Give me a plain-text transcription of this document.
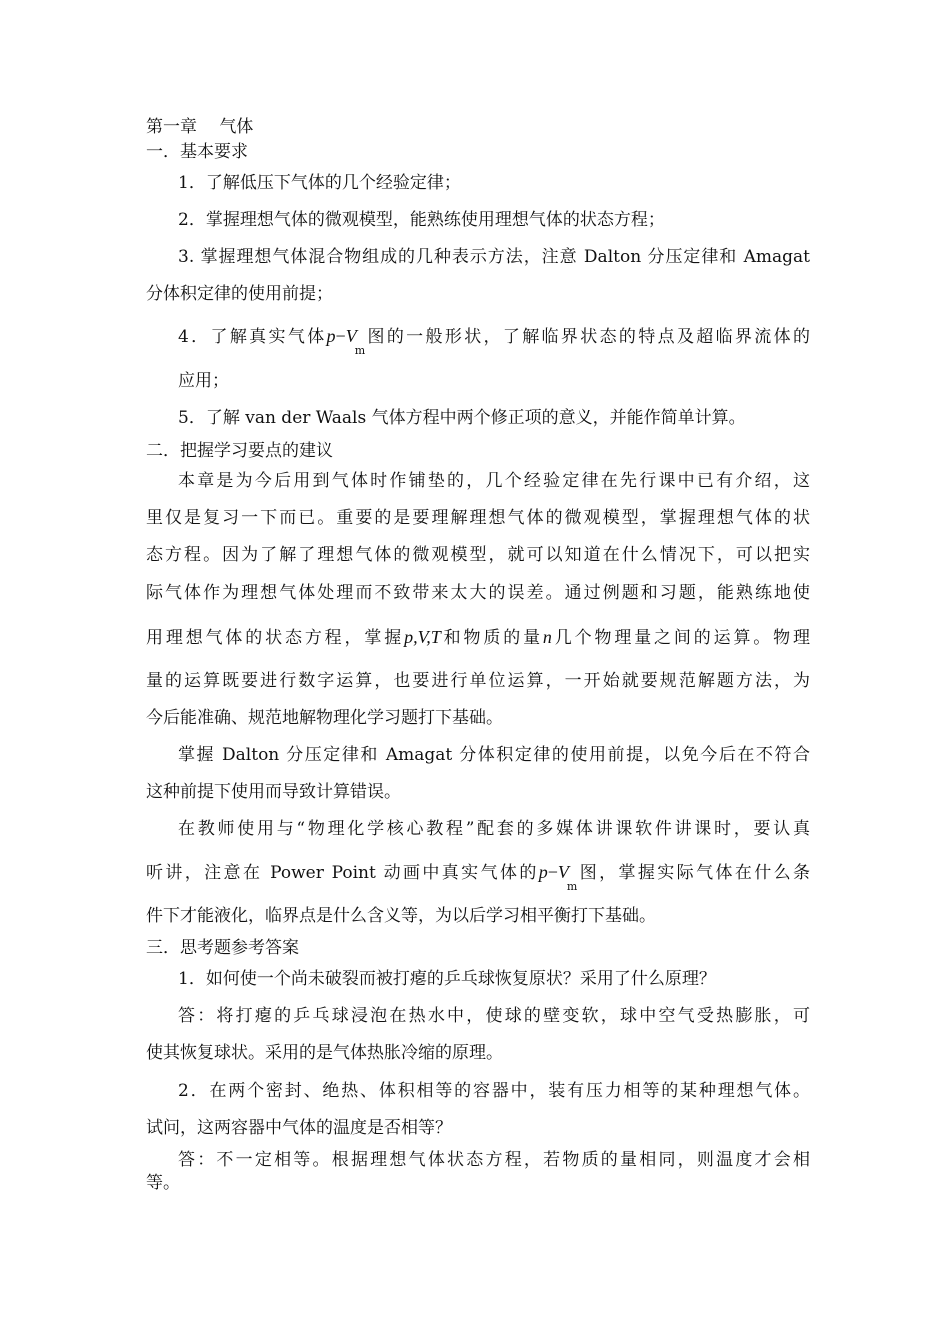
第一章　 气体
一．基本要求
1．了解低压下气体的几个经验定律；
2．掌握理想气体的微观模型，能熟练使用理想气体的状态方程；
3. 掌握理想气体混合物组成的几种表示方法，注意 Dalton 分压定律和 Amagat
分体积定律的使用前提；
4．了解真实气体$p-V_m$图的一般形状，了解临界状态的特点及超临界流体的
应用；
5．了解 van der Waals 气体方程中两个修正项的意义，并能作简单计算。
二．把握学习要点的建议
本章是为今后用到气体时作铺垫的，几个经验定律在先行课中已有介绍，这
里仅是复习一下而已。重要的是要理解理想气体的微观模型，掌握理想气体的状
态方程。因为了解了理想气体的微观模型，就可以知道在什么情况下，可以把实
际气体作为理想气体处理而不致带来太大的误差。通过例题和习题，能熟练地使
用理想气体的状态方程，掌握p,V,T和物质的量n几个物理量之间的运算。物理
量的运算既要进行数字运算，也要进行单位运算，一开始就要规范解题方法，为
今后能准确、规范地解物理化学习题打下基础。
掌握 Dalton 分压定律和 Amagat 分体积定律的使用前提，以免今后在不符合
这种前提下使用而导致计算错误。
在教师使用与“物理化学核心教程”配套的多媒体讲课软件讲课时，要认真
听讲，注意在 Power Point 动画中真实气体的$p-V_m$图，掌握实际气体在什么条
件下才能液化，临界点是什么含义等，为以后学习相平衡打下基础。
三．思考题参考答案
1．如何使一个尚未破裂而被打瘪的乒乓球恢复原状？采用了什么原理？
答：将打瘪的乒乓球浸泡在热水中，使球的壁变软，球中空气受热膨胀，可
使其恢复球状。采用的是气体热胀冷缩的原理。
2．在两个密封、绝热、体积相等的容器中，装有压力相等的某种理想气体。
试问，这两容器中气体的温度是否相等？
答：不一定相等。根据理想气体状态方程，若物质的量相同，则温度才会相
等。
